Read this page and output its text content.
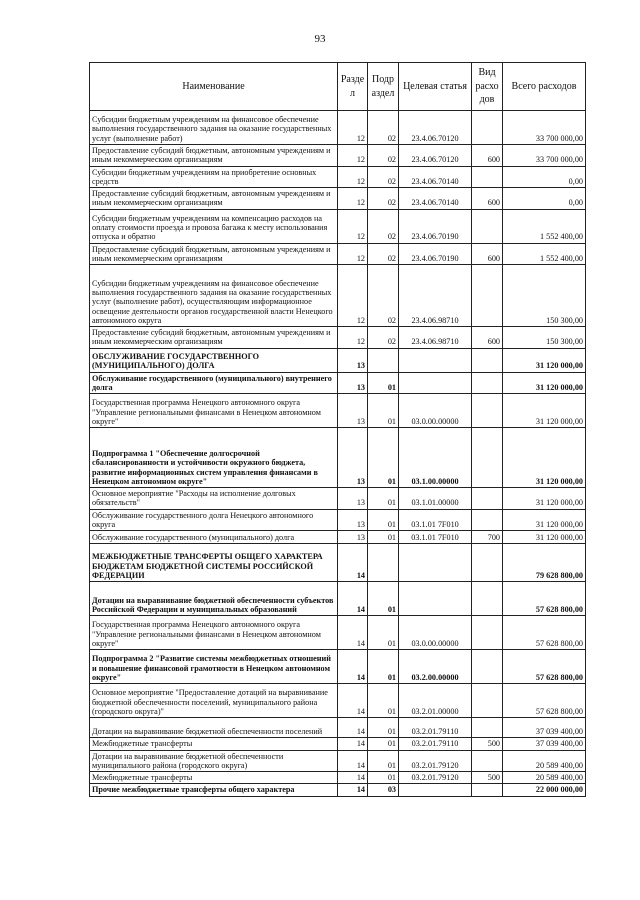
93
Наименование	Разде л	Подр аздел	Целевая статья	Вид расхо дов	Всего расходов
Субсидии бюджетным учреждениям на финансовое обеспечение выполнения государственного задания на оказание государственных услуг (выполнение работ)	12	02	23.4.06.70120		33 700 000,00
Предоставление субсидий бюджетным, автономным учреждениям и иным некоммерческим организациям	12	02	23.4.06.70120	600	33 700 000,00
Субсидии бюджетным учреждениям на приобретение основных средств	12	02	23.4.06.70140		0,00
Предоставление субсидий бюджетным, автономным учреждениям и иным некоммерческим организациям	12	02	23.4.06.70140	600	0,00
Субсидии бюджетным учреждениям на компенсацию расходов на оплату стоимости проезда и провоза багажа к месту использования отпуска и обратно	12	02	23.4.06.70190		1 552 400,00
Предоставление субсидий бюджетным, автономным учреждениям и иным некоммерческим организациям	12	02	23.4.06.70190	600	1 552 400,00
Субсидии бюджетным учреждениям на финансовое обеспечение выполнения государственного задания на оказание государственных услуг (выполнение работ), осуществляющим информационное освещение деятельности органов государственной власти Ненецкого автономного округа	12	02	23.4.06.98710		150 300,00
Предоставление субсидий бюджетным, автономным учреждениям и иным некоммерческим организациям	12	02	23.4.06.98710	600	150 300,00
ОБСЛУЖИВАНИЕ ГОСУДАРСТВЕННОГО (МУНИЦИПАЛЬНОГО) ДОЛГА	13				31 120 000,00
Обслуживание государственного (муниципального) внутреннего долга	13	01			31 120 000,00
Государственная программа Ненецкого автономного округа "Управление региональными финансами в Ненецком автономном округе"	13	01	03.0.00.00000		31 120 000,00
Подпрограмма 1 "Обеспечение долгосрочной сбалансированности и устойчивости окружного бюджета, развитие информационных систем управления финансами в Ненецком автономном округе"	13	01	03.1.00.00000		31 120 000,00
Основное мероприятие "Расходы на исполнение долговых обязательств"	13	01	03.1.01.00000		31 120 000,00
Обслуживание государственного долга Ненецкого автономного округа	13	01	03.1.01 7F010		31 120 000,00
Обслуживание государственного (муниципального) долга	13	01	03.1.01 7F010	700	31 120 000,00
МЕЖБЮДЖЕТНЫЕ ТРАНСФЕРТЫ ОБЩЕГО ХАРАКТЕРА БЮДЖЕТАМ БЮДЖЕТНОЙ СИСТЕМЫ РОССИЙСКОЙ ФЕДЕРАЦИИ	14				79 628 800,00
Дотации на выравнивание бюджетной обеспеченности субъектов Российской Федерации и муниципальных образований	14	01			57 628 800,00
Государственная программа Ненецкого автономного округа "Управление региональными финансами в Ненецком автономном округе"	14	01	03.0.00.00000		57 628 800,00
Подпрограмма 2 "Развитие системы межбюджетных отношений и повышение финансовой грамотности в Ненецком автономном округе"	14	01	03.2.00.00000		57 628 800,00
Основное мероприятие "Предоставление дотаций на выравнивание бюджетной обеспеченности поселений, муниципального района (городского округа)"	14	01	03.2.01.00000		57 628 800,00
Дотации на выравнивание бюджетной обеспеченности поселений	14	01	03.2.01.79110		37 039 400,00
Межбюджетные трансферты	14	01	03.2.01.79110	500	37 039 400,00
Дотации на выравнивание бюджетной обеспеченности муниципального района (городского округа)	14	01	03.2.01.79120		20 589 400,00
Межбюджетные трансферты	14	01	03.2.01.79120	500	20 589 400,00
Прочие межбюджетные трансферты общего характера	14	03			22 000 000,00
